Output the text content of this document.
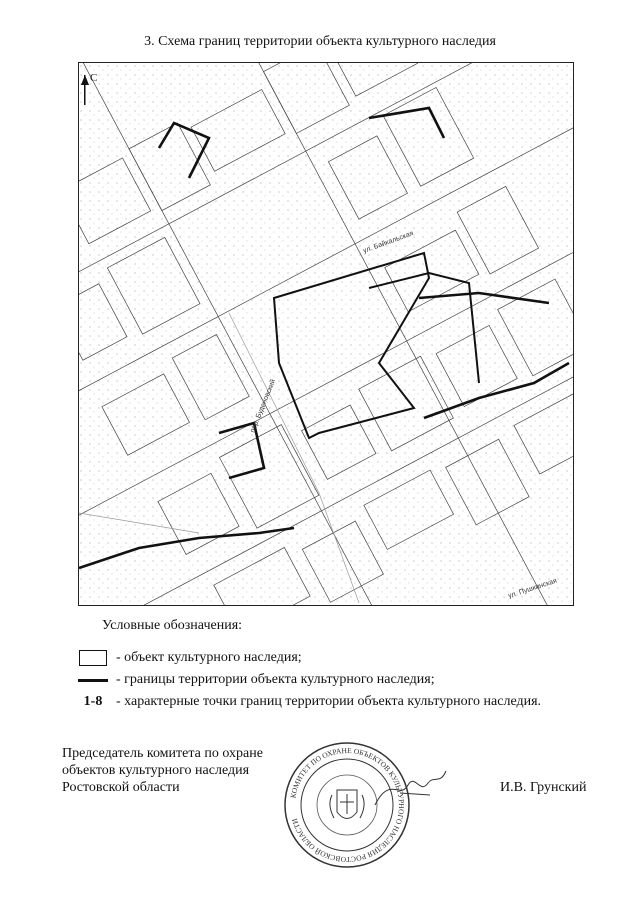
3. Схема границ территории объекта культурного наследия
С
ул. Байкальская
пер. Буденовский
ул. Пушкинская
Условные обозначения:
- объект культурного наследия;
- границы территории объекта культурного наследия;
1-8 - характерные точки границ территории объекта культурного наследия.
Председатель комитета по охране
объектов культурного наследия
Ростовской области
КОМИТЕТ ПО ОХРАНЕ ОБЪЕКТОВ КУЛЬТУРНОГО НАСЛЕДИЯ РОСТОВСКОЙ ОБЛАСТИ
И.В. Грунский
